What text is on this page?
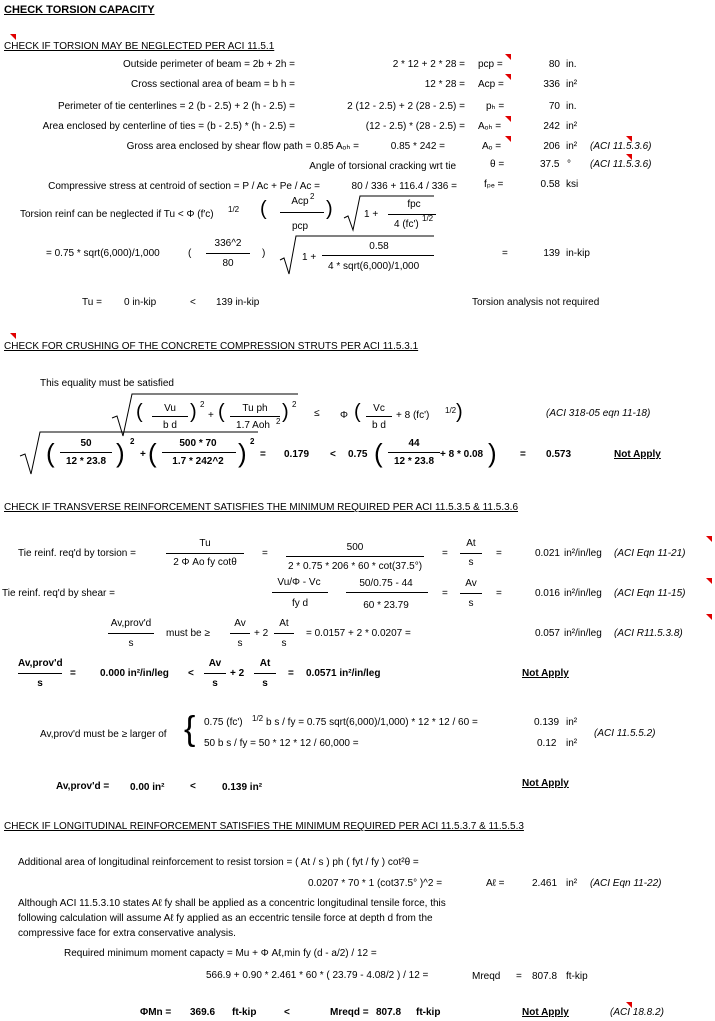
CHECK TORSION CAPACITY
CHECK IF TORSION MAY BE NEGLECTED PER ACI 11.5.1
Outside perimeter of beam = 2b + 2h =	2 * 12 + 2 * 28 = pср =	80 in.
Cross sectional area of beam = b h =	12 * 28 = Aср =	336 in²
Perimeter of tie centerlines = 2 (b - 2.5) + 2 (h - 2.5) =	2 (12 - 2.5) + 2 (28 - 2.5) = pₕ =	70 in.
Area enclosed by centerline of ties = (b - 2.5) * (h - 2.5) =	(12 - 2.5) * (28 - 2.5) = Aₒₕ =	242 in²
Gross area enclosed by shear flow path = 0.85 Aₒₕ =	0.85 * 242 =	Aₒ =	206 in² (ACI 11.5.3.6)
Angle of torsional cracking wrt tie	θ =	37.5 ° (ACI 11.5.3.6)
Compressive stress at centroid of section = P / Ac + Pe / Ac =	80 / 336 + 116.4 / 336 =	fₚₑ =	0.58 ksi
Torsion reinf can be neglected if Tu < Φ (f′c) 1/2 (	Acp 2
pcp
)	1 +
fpc
4 (fc')
1/2
= 0.75 * sqrt(6,000)/1,000	(
336^2
80
)	1 +
0.58
4 * sqrt(6,000)/1,000
=	139 in-kip
Tu = 0 in-kip	< 139 in-kip	Torsion analysis not required
CHECK FOR CRUSHING OF THE CONCRETE COMPRESSION STRUTS PER ACI 11.5.3.1
This equality must be satisfied
(	Vu
b d
) 2
+ (	Tu ph
1.7 Aoh 2 ) 2
≤ Φ (	Vc
b d
+ 8 (fc') 1/2 )	(ACI 318-05 eqn 11-18)
(	50
12 * 23.8 ) 2
+ (	500 * 70
1.7 * 242^2 ) 2
= 0.179 < 0.75 (	44
12 * 23.8
+ 8 * 0.08 ) = 0.573	Not Apply
CHECK IF TRANSVERSE REINFORCEMENT SATISFIES THE MINIMUM REQUIRED PER ACI 11.5.3.5 & 11.5.3.6
Tie reinf. req'd by torsion =
Tu
2 Φ Ao fy cotθ
=
500
2 * 0.75 * 206 * 60 * cot(37.5°)
=
At
s
=	0.021 in²/in/leg (ACI Eqn 11-21)
Tie reinf. req'd by shear =
Vu/Φ - Vc
fy d
50/0.75 - 44
60 * 23.79
=
Av
s
=	0.016 in²/in/leg (ACI Eqn 11-15)
Av,prov'd
s
must be ≥
Av
s
+ 2
At
s
= 0.0157 + 2 * 0.0207 =	0.057 in²/in/leg (ACI R11.5.3.8)
Av,prov'd
s
= 0.000 in²/in/leg <
Av
s
+ 2
At
s
= 0.0571 in²/in/leg	Not Apply
Av,prov'd must be ≥ larger of { 0.75 (fc') 1/2 b s / fy = 0.75 sqrt(6,000)/1,000) * 12 * 12 / 60 =	0.139 in²
50 b s / fy = 50 * 12 * 12 / 60,000 =	0.12 in²
(ACI 11.5.5.2)
Av,prov'd = 0.00 in²	<	0.139 in²	Not Apply
CHECK IF LONGITUDINAL REINFORCEMENT SATISFIES THE MINIMUM REQUIRED PER ACI 11.5.3.7 & 11.5.5.3
Additional area of longitudinal reinforcement to resist torsion = ( At / s ) ph ( fyt / fy ) cot²θ =
0.0207 * 70 * 1 (cot37.5° )^2 =	Aℓ =	2.461 in² (ACI Eqn 11-22)
Although ACI 11.5.3.10 states Aℓ fy shall be applied as a concentric longitudinal tensile force, this
following calculation will assume Aℓ fy applied as an eccentric tensile force at depth d from the
compressive face for extra conservative analysis.
Required minimum moment capacty = Mu + Φ Aℓ,min fy (d - a/2) / 12 =
566.9 + 0.90 * 2.461 * 60 * ( 23.79 - 4.08/2 ) / 12 =	Mreqd = 807.8 ft-kip
ΦMn = 369.6 ft-kip	<	Mreqd = 807.8 ft-kip	Not Apply	(ACI 18.8.2)
